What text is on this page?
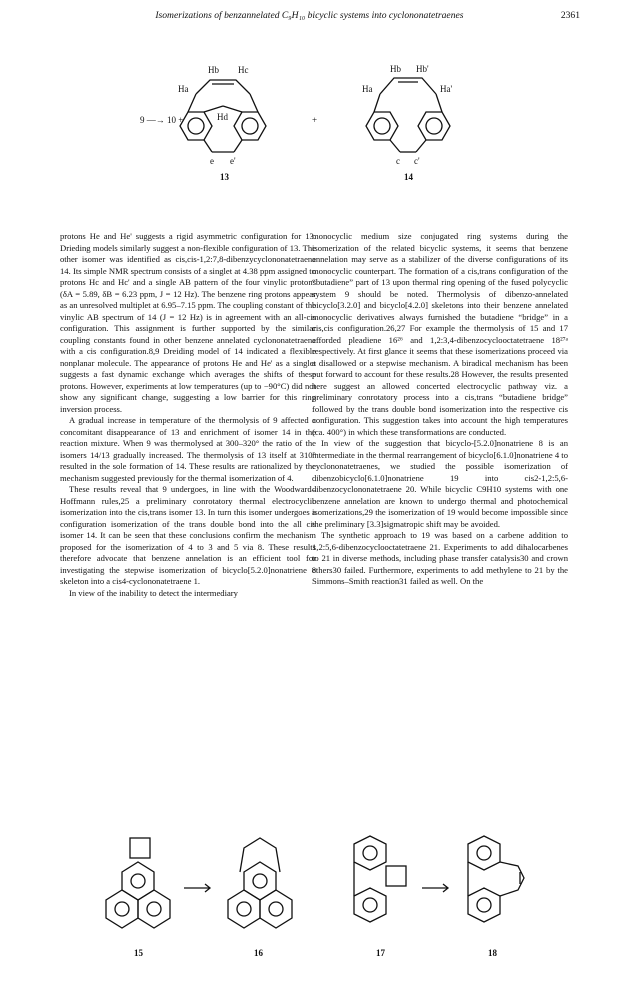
Isomerizations of benzannelated C₉H₁₀ bicyclic systems into cyclononatetraenes	2361
9 —→ 10 +	+
Hb Hc
Ha
Hd
e e'
13
Hb Hb'
Ha	Ha'
c c'
14

protons He and He' suggests a rigid asymmetric configuration for 13. Drieding models similarly suggest a non-flexible configuration of 13. The other isomer was identified as cis,cis-1,2:7,8-dibenzycyclononatetraene 14. Its simple NMR spectrum consists of a singlet at 4.38 ppm assigned to protons Hc and Hc' and a single AB pattern of the four vinylic protons (δA = 5.89, δB = 6.23 ppm, J = 12 Hz). The benzene ring protons appear as an unresolved multiplet at 6.95–7.15 ppm. The coupling constant of the vinylic AB spectrum of 14 (J = 12 Hz) is in agreement with an all-cis configuration. This assignment is further supported by the similar coupling constants found in other benzene annelated cyclononatetraene with a cis configuration.8,9 Dreiding model of 14 indicated a flexible nonplanar molecule. The appearance of protons He and He' as a singlet suggests a fast dynamic exchange which averages the shifts of these protons. However, experiments at low temperatures (up to −90°C) did not show any significant change, suggesting a low barrier for this ring inversion process.

A gradual increase in temperature of the thermolysis of 9 affected a concomitant disappearance of 13 and enrichment of isomer 14 in the reaction mixture. When 9 was thermolysed at 300–320° the ratio of the isomers 14/13 gradually increased. The thermolysis of 13 itself at 310° resulted in the sole formation of 14. These results are rationalized by the mechanism suggested previously for the thermal isomerization of 4.

These results reveal that 9 undergoes, in line with the Woodward–Hoffmann rules,25 a preliminary conrotatory thermal electrocyclic isomerization into the cis,trans isomer 13. In turn this isomer undergoes a configuration isomerization of the trans double bond into the all cis isomer 14. It can be seen that these conclusions confirm the mechanism proposed for the isomerization of 4 to 3 and 5 via 8. These results therefore advocate that benzene annelation is an efficient tool for investigating the stepwise isomerization of bicyclo[5.2.0]nonatriene 8 skeleton into a cis4-cyclononatetraene 1.

In view of the inability to detect the intermediary

monocyclic medium size conjugated ring systems during the isomerization of the related bicyclic systems, it seems that benzene annelation may serve as a stabilizer of the diverse configurations of its monocyclic counterpart. The formation of a cis,trans configuration of the “butadiene” part of 13 upon thermal ring opening of the fused polycyclic system 9 should be noted. Thermolysis of dibenzo-annelated bicyclo[3.2.0] and bicyclo[4.2.0] skeletons into their benzene annelated monocyclic derivatives always furnished the butadiene “bridge” in a cis,cis configuration.26,27 For example the thermolysis of 15 and 17 afforded pleadiene 16²⁶ and 1,2:3,4-dibenzocyclooctatetraene 18²⁷ᵃ respectively. At first glance it seems that these isomerizations proceed via a disallowed or a stepwise mechanism. A biradical mechanism has been put forward to account for these results.28 However, the results presented here suggest an allowed concerted electrocyclic pathway viz. a preliminary conrotatory process into a cis,trans “butadiene bridge” followed by the trans double bond isomerization into the respective cis configuration. This suggestion takes into account the high temperatures (ca. 400°) in which these transformations are conducted.

In view of the suggestion that bicyclo-[5.2.0]nonatriene 8 is an intermediate in the thermal rearrangement of bicyclo[6.1.0]nonatriene 4 to cyclononatetraenes, we studied the possible isomerization of dibenzobicyclo[6.1.0]nonatriene 19 into cis2-1,2:5,6-dibenzocyclononatetraene 20. While bicyclic C9H10 systems with one benzene annelation are known to undergo thermal and photochemical isomerizations,29 the isomerization of 19 would become impossible since the preliminary [3.3]sigmatropic shift may be avoided.

The synthetic approach to 19 was based on a carbene addition to 1,2:5,6-dibenzocyclooctatetraene 21. Experiments to add dihalocarbenes to 21 in diverse methods, including phase transfer catalysis30 and crown ethers30 failed. Furthermore, experiments to add methylene to 21 by the Simmons–Smith reaction31 failed as well. On the

15	16	17	18
